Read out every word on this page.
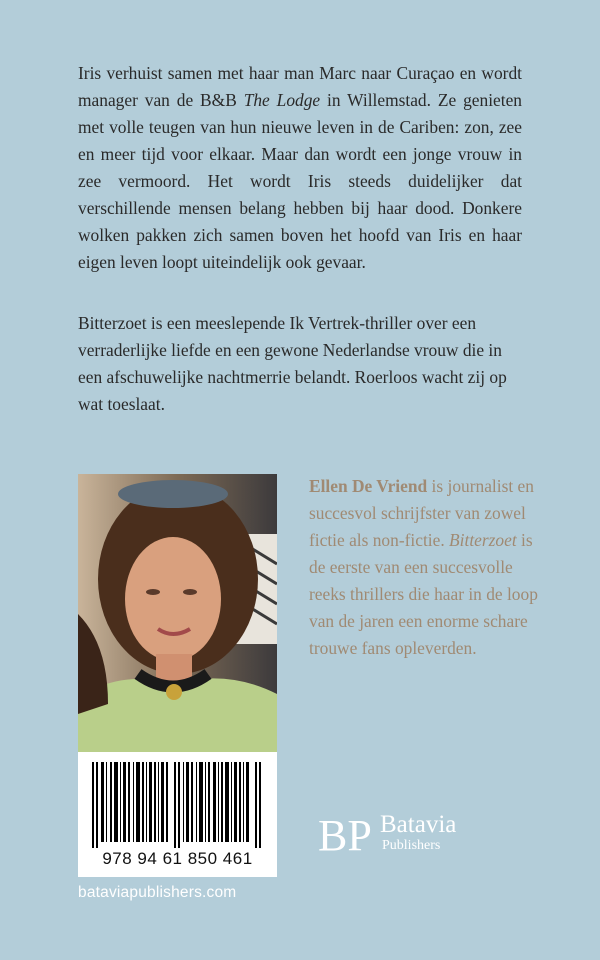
Iris verhuist samen met haar man Marc naar Curaçao en wordt manager van de B&B The Lodge in Willemstad. Ze genieten met volle teugen van hun nieuwe leven in de Cariben: zon, zee en meer tijd voor elkaar. Maar dan wordt een jonge vrouw in zee vermoord. Het wordt Iris steeds duidelijker dat verschillende mensen belang hebben bij haar dood. Donkere wolken pakken zich samen boven het hoofd van Iris en haar eigen leven loopt uiteindelijk ook gevaar.

Bitterzoet is een meeslepende Ik Vertrek-thriller over een verraderlijke liefde en een gewone Nederlandse vrouw die in een afschuwelijke nachtmerrie belandt. Roerloos wacht zij op wat toeslaat.

Ellen De Vriend is journalist en succesvol schrijfster van zowel fictie als non-fictie. Bitterzoet is de eerste van een succesvolle reeks thrillers die haar in de loop van de jaren een enorme schare trouwe fans opleverden.

978 94 61 850 461
bataviapublishers.com
BP Batavia
Publishers
